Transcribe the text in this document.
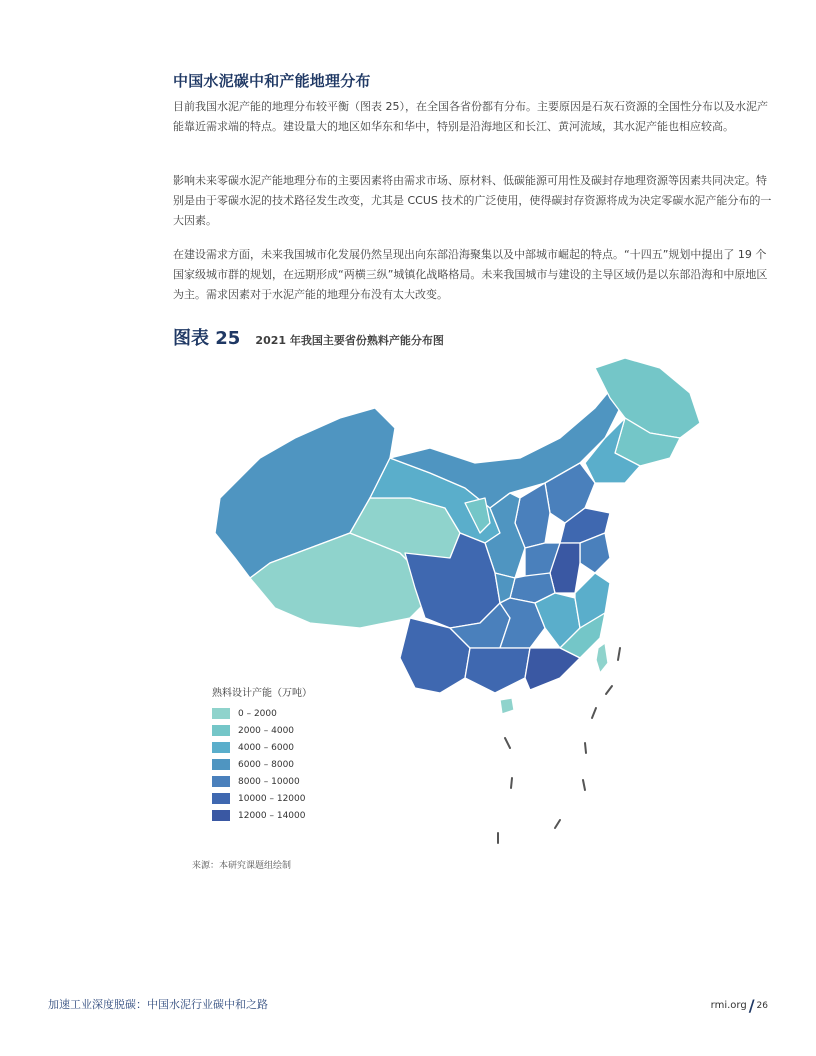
中国水泥碳中和产能地理分布

目前我国水泥产能的地理分布较平衡（图表 25），在全国各省份都有分布。主要原因是石灰石资源的全国性分布以及水泥产能靠近需求端的特点。建设量大的地区如华东和华中，特别是沿海地区和长江、黄河流域，其水泥产能也相应较高。

影响未来零碳水泥产能地理分布的主要因素将由需求市场、原材料、低碳能源可用性及碳封存地理资源等因素共同决定。特别是由于零碳水泥的技术路径发生改变，尤其是 CCUS 技术的广泛使用，使得碳封存资源将成为决定零碳水泥产能分布的一大因素。

在建设需求方面，未来我国城市化发展仍然呈现出向东部沿海聚集以及中部城市崛起的特点。“十四五”规划中提出了 19 个国家级城市群的规划，在远期形成“两横三纵”城镇化战略格局。未来我国城市与建设的主导区域仍是以东部沿海和中原地区为主。需求因素对于水泥产能的地理分布没有太大改变。

图表 25 2021 年我国主要省份熟料产能分布图
熟料设计产能（万吨）
0 – 2000
2000 – 4000
4000 – 6000
6000 – 8000
8000 – 10000
10000 – 12000
12000 – 14000
来源：本研究课题组绘制
加速工业深度脱碳：中国水泥行业碳中和之路	rmi.org / 26
